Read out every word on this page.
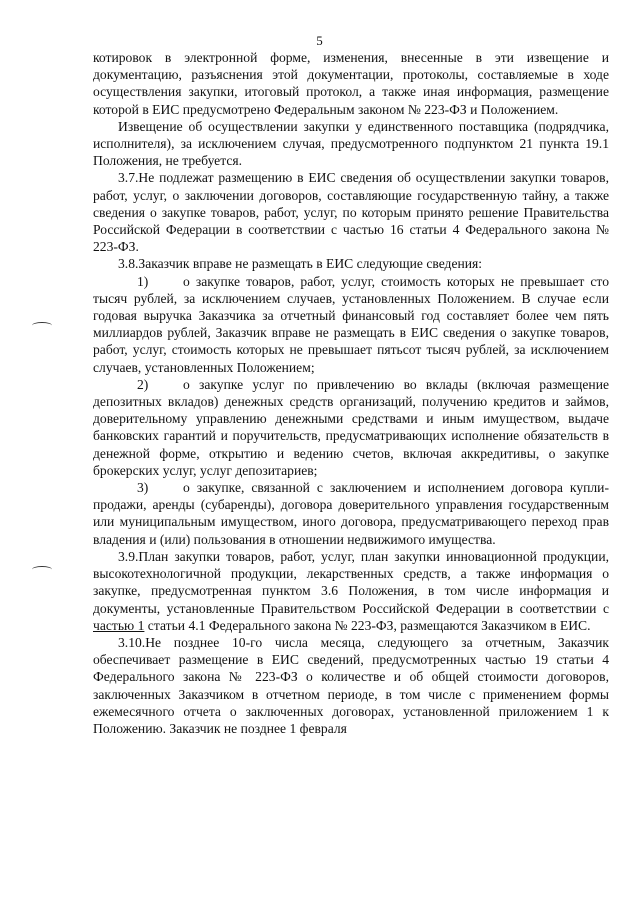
5

котировок в электронной форме, изменения, внесенные в эти извещение и документацию, разъяснения этой документации, протоколы, составляемые в ходе осуществления закупки, итоговый протокол, а также иная информация, размещение которой в ЕИС предусмотрено Федеральным законом № 223-ФЗ и Положением.

Извещение об осуществлении закупки у единственного поставщика (подрядчика, исполнителя), за исключением случая, предусмотренного подпунктом 21 пункта 19.1 Положения, не требуется.

3.7.Не подлежат размещению в ЕИС сведения об осуществлении закупки товаров, работ, услуг, о заключении договоров, составляющие государственную тайну, а также сведения о закупке товаров, работ, услуг, по которым принято решение Правительства Российской Федерации в соответствии с частью 16 статьи 4 Федерального закона № 223-ФЗ.

3.8.Заказчик вправе не размещать в ЕИС следующие сведения:

1)	о закупке товаров, работ, услуг, стоимость которых не превышает сто тысяч рублей, за исключением случаев, установленных Положением. В случае если годовая выручка Заказчика за отчетный финансовый год составляет более чем пять миллиардов рублей, Заказчик вправе не размещать в ЕИС сведения о закупке товаров, работ, услуг, стоимость которых не превышает пятьсот тысяч рублей, за исключением случаев, установленных Положением;

2)	о закупке услуг по привлечению во вклады (включая размещение депозитных вкладов) денежных средств организаций, получению кредитов и займов, доверительному управлению денежными средствами и иным имуществом, выдаче банковских гарантий и поручительств, предусматривающих исполнение обязательств в денежной форме, открытию и ведению счетов, включая аккредитивы, о закупке брокерских услуг, услуг депозитариев;

3)	о закупке, связанной с заключением и исполнением договора купли-продажи, аренды (субаренды), договора доверительного управления государственным или муниципальным имуществом, иного договора, предусматривающего переход прав владения и (или) пользования в отношении недвижимого имущества.

3.9.План закупки товаров, работ, услуг, план закупки инновационной продукции, высокотехнологичной продукции, лекарственных средств, а также информация о закупке, предусмотренная пунктом 3.6 Положения, в том числе информация и документы, установленные Правительством Российской Федерации в соответствии с частью 1 статьи 4.1 Федерального закона № 223-ФЗ, размещаются Заказчиком в ЕИС.

3.10.Не позднее 10-го числа месяца, следующего за отчетным, Заказчик обеспечивает размещение в ЕИС сведений, предусмотренных частью 19 статьи 4 Федерального закона № 223-ФЗ о количестве и об общей стоимости договоров, заключенных Заказчиком в отчетном периоде, в том числе с применением формы ежемесячного отчета о заключенных договорах, установленной приложением 1 к Положению. Заказчик не позднее 1 февраля
